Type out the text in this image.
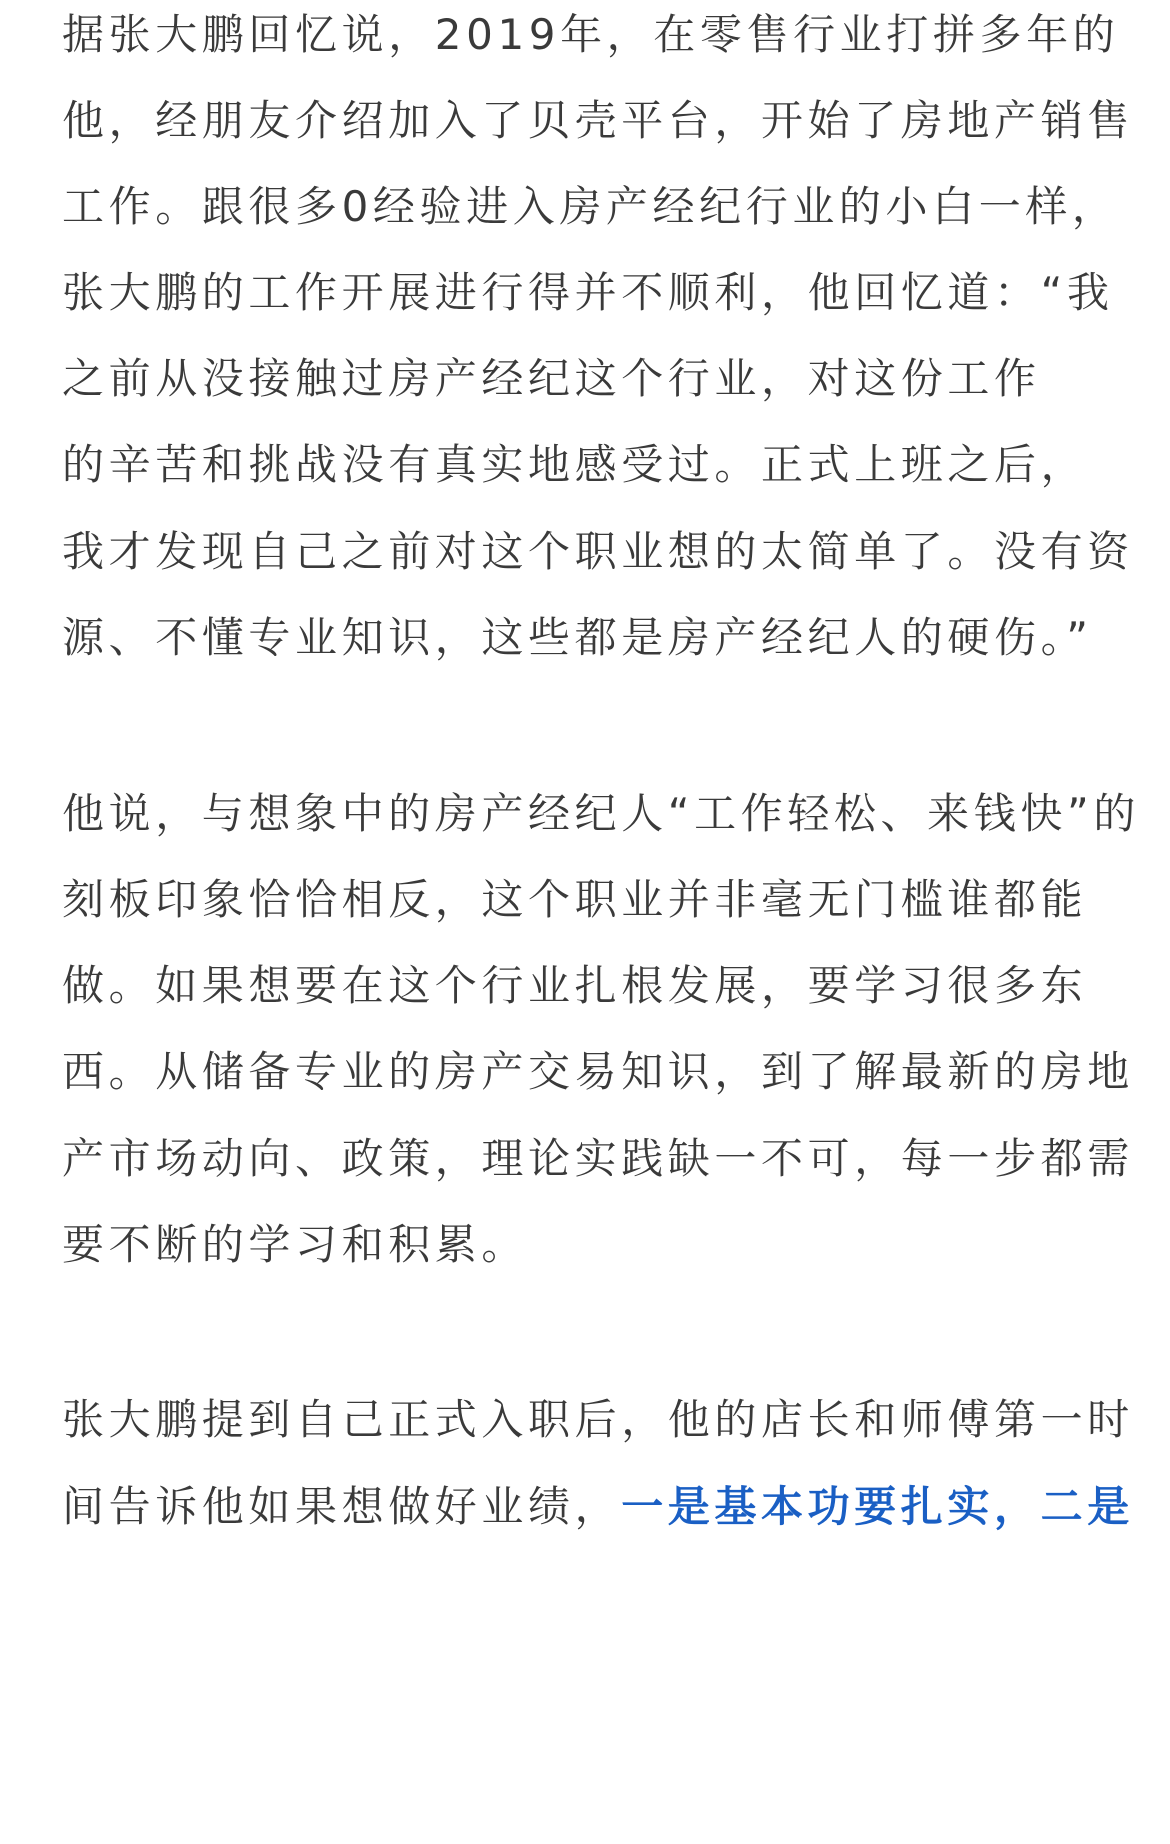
据张大鹏回忆说，2019年，在零售行业打拼多年的
他，经朋友介绍加入了贝壳平台，开始了房地产销售
工作。跟很多0经验进入房产经纪行业的小白一样，
张大鹏的工作开展进行得并不顺利，他回忆道：“我
之前从没接触过房产经纪这个行业，对这份工作
的辛苦和挑战没有真实地感受过。正式上班之后，
我才发现自己之前对这个职业想的太简单了。没有资
源、不懂专业知识，这些都是房产经纪人的硬伤。”
他说，与想象中的房产经纪人“工作轻松、来钱快”的
刻板印象恰恰相反，这个职业并非毫无门槛谁都能
做。如果想要在这个行业扎根发展，要学习很多东
西。从储备专业的房产交易知识，到了解最新的房地
产市场动向、政策，理论实践缺一不可，每一步都需
要不断的学习和积累。
张大鹏提到自己正式入职后，他的店长和师傅第一时
间告诉他如果想做好业绩，一是基本功要扎实，二是
